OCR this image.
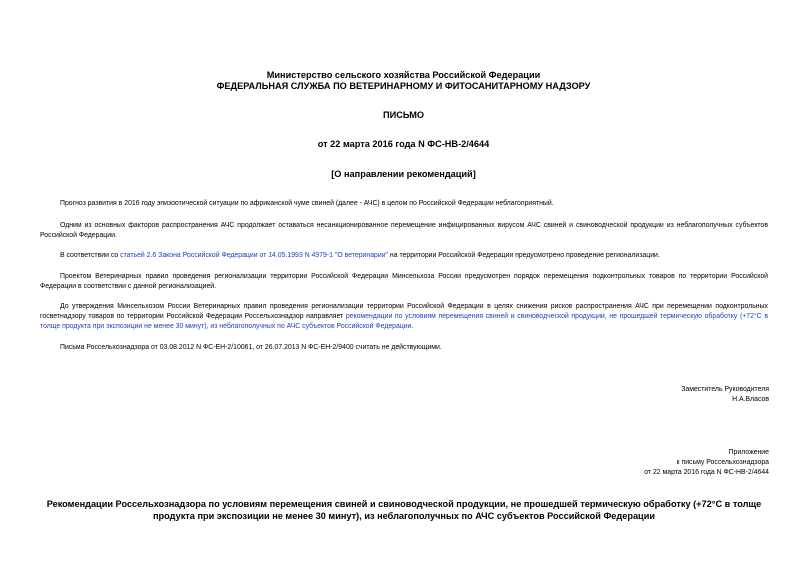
Министерство сельского хозяйства Российской Федерации
ФЕДЕРАЛЬНАЯ СЛУЖБА ПО ВЕТЕРИНАРНОМУ И ФИТОСАНИТАРНОМУ НАДЗОРУ
ПИСЬМО
от 22 марта 2016 года N ФС-НВ-2/4644
[О направлении рекомендаций]
Прогноз развития в 2016 году эпизоотической ситуации по африканской чуме свиней (далее - АЧС) в целом по Российской Федерации неблагоприятный.
Одним из основных факторов распространения АЧС продолжает оставаться несанкционированное перемещение инфицированных вирусом АЧС свиней и свиноводческой продукции из неблагополучных субъектов Российской Федерации.
В соответствии со статьей 2.6 Закона Российской Федерации от 14.05.1993 N 4979-1 "О ветеринарии" на территории Российской Федерации предусмотрено проведение регионализации.
Проектом Ветеринарных правил проведения регионализации территории Российской Федерации Минсельхоза России предусмотрен порядок перемещения подконтрольных товаров по территории Российской Федерации в соответствии с данной регионализацией.
До утверждения Минсельхозом России Ветеринарных правил проведения регионализации территории Российской Федерации в целях снижения рисков распространения АЧС при перемещении подконтрольных госветнадзору товаров по территории Российской Федерации Россельхознадзор направляет рекомендации по условиям перемещения свиней и свиноводческой продукции, не прошедшей термическую обработку (+72°С в толще продукта при экспозиции не менее 30 минут), из неблагополучных по АЧС субъектов Российской Федерации.
Письма Россельхознадзора от 03.08.2012 N ФС-ЕН-2/10061, от 26.07.2013 N ФС-ЕН-2/9400 считать не действующими.
Заместитель Руководителя
Н.А.Власов
Приложение
к письму Россельхознадзора
от 22 марта 2016 года N ФС-НВ-2/4644
Рекомендации Россельхознадзора по условиям перемещения свиней и свиноводческой продукции, не прошедшей термическую обработку (+72°С в толще продукта при экспозиции не менее 30 минут), из неблагополучных по АЧС субъектов Российской Федерации
